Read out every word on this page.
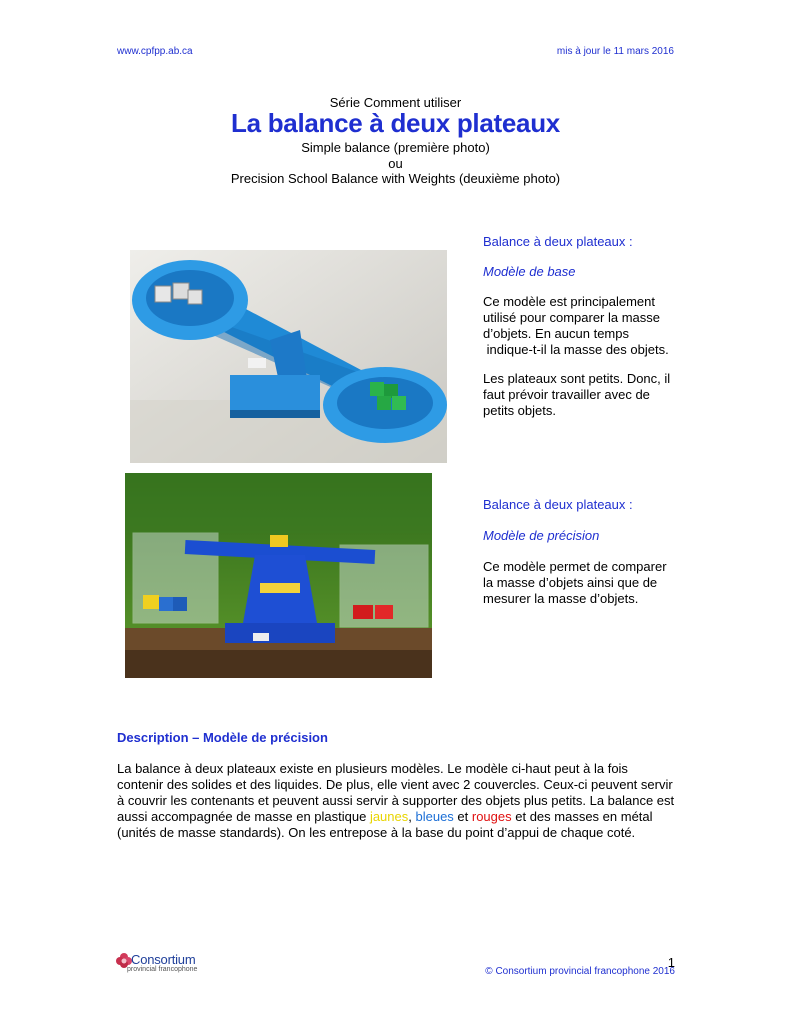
www.cpfpp.ab.ca	mis à jour le 11 mars 2016
Série Comment utiliser
La balance à deux plateaux
Simple balance (première photo)
ou
Precision School Balance with Weights (deuxième photo)
Balance à deux plateaux :
Modèle de base
Ce modèle est principalement
utilisé pour comparer la masse
d’objets. En aucun temps
indique-t-il la masse des objets.
Les plateaux sont petits. Donc, il
faut prévoir travailler avec de
petits objets.
Balance à deux plateaux :
Modèle de précision
Ce modèle permet de comparer
la masse d’objets ainsi que de
mesurer la masse d’objets.
Description – Modèle de précision
La balance à deux plateaux existe en plusieurs modèles. Le modèle ci-haut peut à la fois
contenir des solides et des liquides. De plus, elle vient avec 2 couvercles. Ceux-ci peuvent servir
à couvrir les contenants et peuvent aussi servir à supporter des objets plus petits. La balance est
aussi accompagnée de masse en plastique jaunes, bleues et rouges et des masses en métal
(unités de masse standards). On les entrepose à la base du point d’appui de chaque coté.
Consortium
provincial francophone	1
© Consortium provincial francophone 2016
